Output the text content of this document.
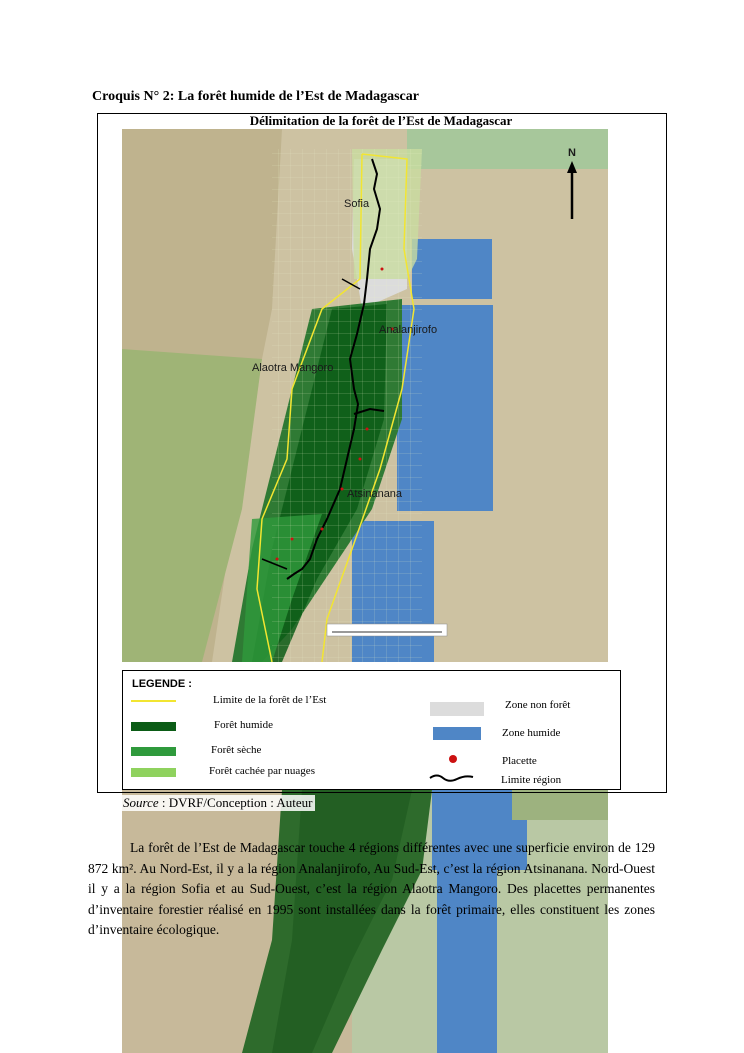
Croquis N° 2: La forêt humide de l’Est de Madagascar
Délimitation de la forêt de l’Est de Madagascar
N
Sofia
Analanjirofo
Alaotra Mangoro
Atsinanana
LEGENDE :
Limite de la forêt de l’Est
Forêt humide
Forêt sèche
Forêt cachée par nuages
Zone non forêt
Zone humide
Placette
Limite région
Source : DVRF/Conception : Auteur
La forêt de l’Est de Madagascar touche 4 régions différentes avec une superficie environ de 129 872 km². Au Nord-Est, il y a la région Analanjirofo, Au Sud-Est, c’est la région Atsinanana. Nord-Ouest il y a la région Sofia et au Sud-Ouest, c’est la région Alaotra Mangoro. Des placettes permanentes d’inventaire forestier réalisé en 1995 sont installées dans la forêt primaire, elles constituent les zones d’inventaire écologique.
